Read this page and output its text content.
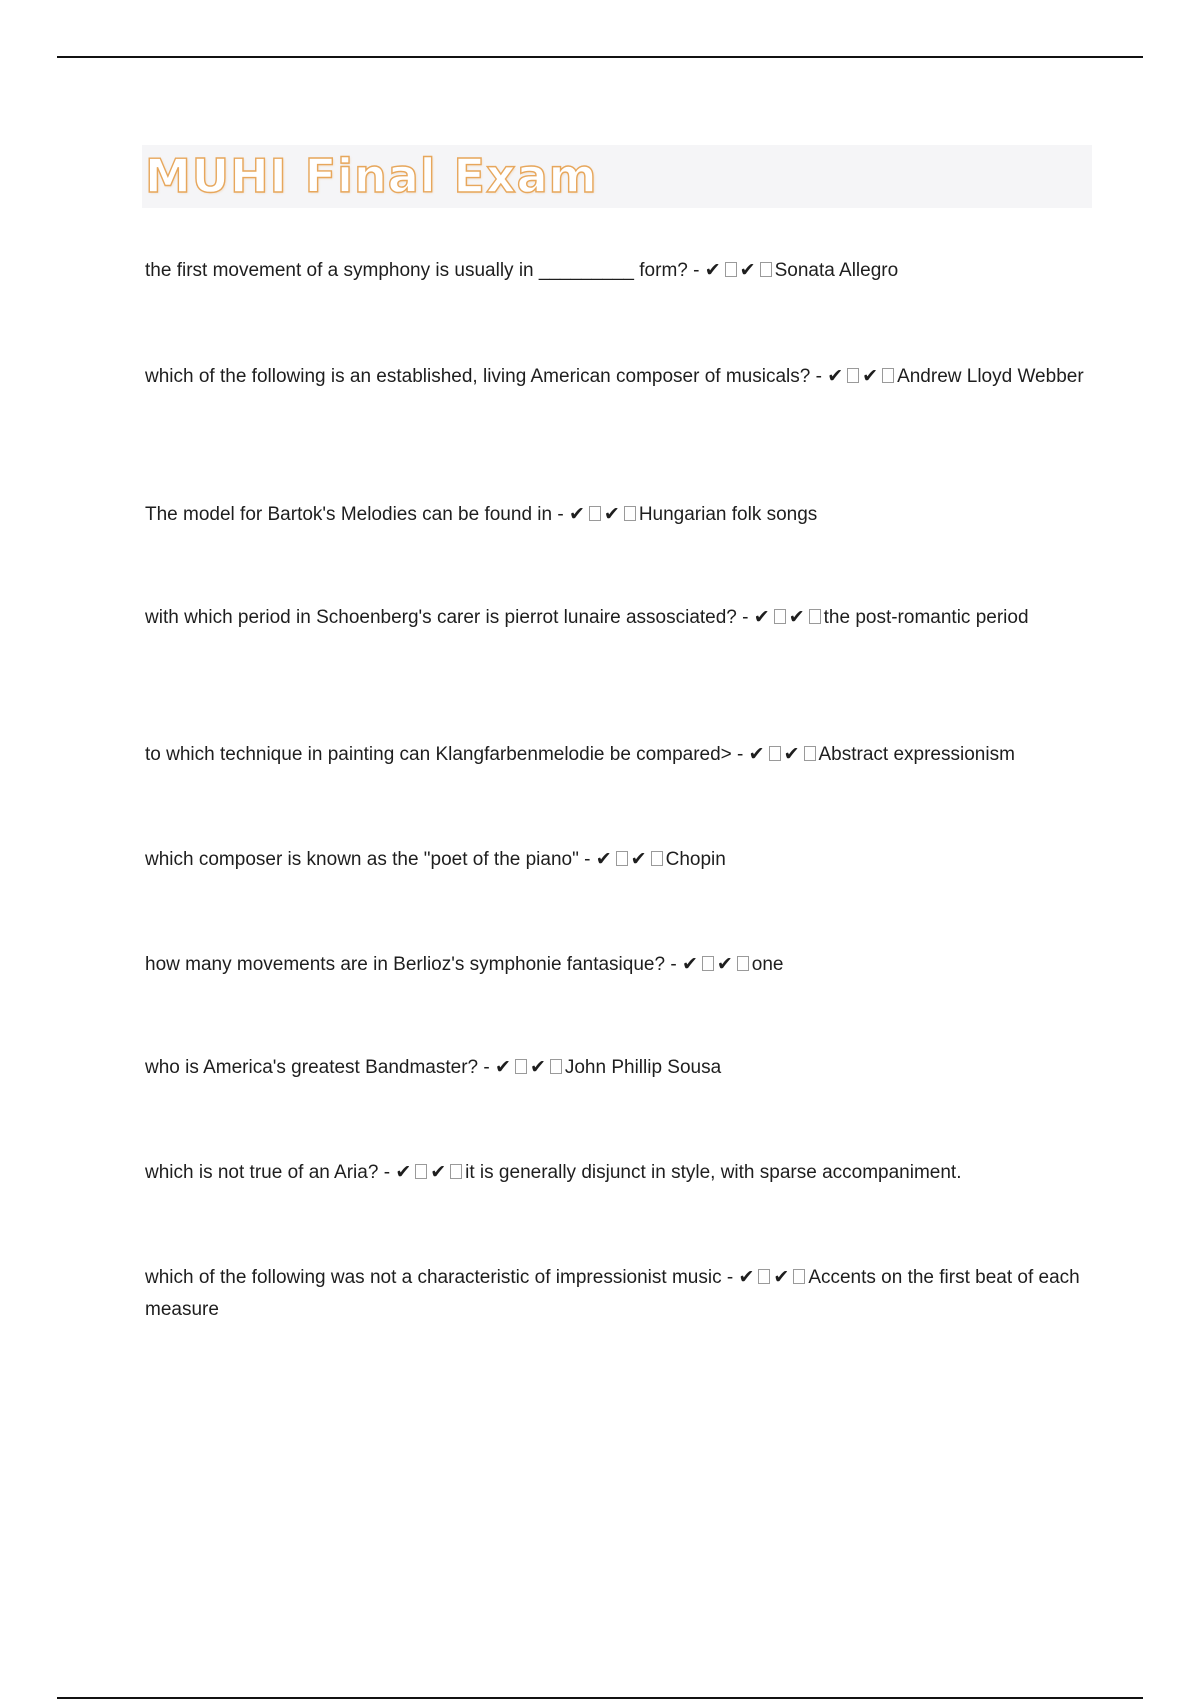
MUHI Final Exam

the first movement of a symphony is usually in _________ form? - ✔ ✔ Sonata Allegro

which of the following is an established, living American composer of musicals? - ✔ ✔ Andrew Lloyd Webber

The model for Bartok's Melodies can be found in - ✔ ✔ Hungarian folk songs

with which period in Schoenberg's carer is pierrot lunaire assosciated? - ✔ ✔ the post-romantic period

to which technique in painting can Klangfarbenmelodie be compared> - ✔ ✔ Abstract expressionism

which composer is known as the "poet of the piano" - ✔ ✔ Chopin

how many movements are in Berlioz's symphonie fantasique? - ✔ ✔ one

who is America's greatest Bandmaster? - ✔ ✔ John Phillip Sousa

which is not true of an Aria? - ✔ ✔ it is generally disjunct in style, with sparse accompaniment.

which of the following was not a characteristic of impressionist music - ✔ ✔ Accents on the first beat of each measure
